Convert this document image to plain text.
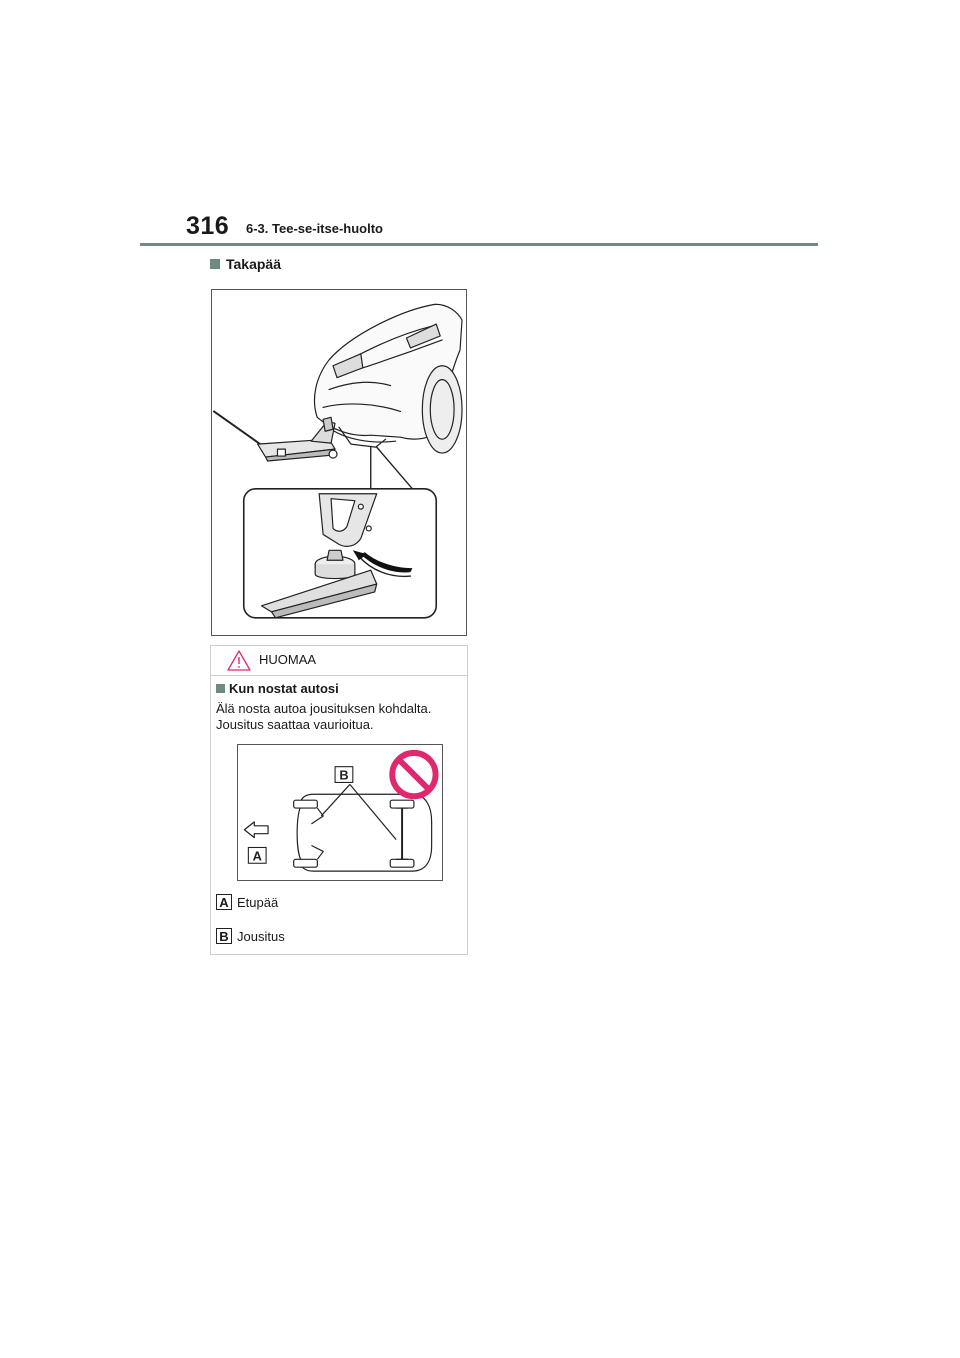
316 6-3. Tee-se-itse-huolto
Takapää
HUOMAA
Kun nostat autosi

Älä nosta autoa jousituksen kohdalta.

Jousitus saattaa vaurioitua.

B
A
A Etupää
B Jousitus
